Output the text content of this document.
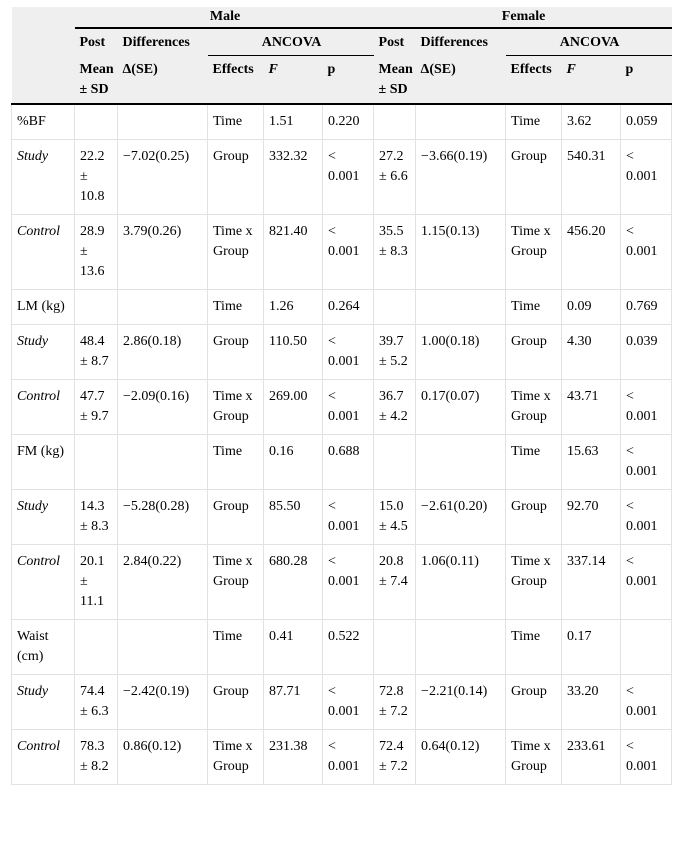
	Male					Female				
	Post	Differences	ANCOVA			Post	Differences	ANCOVA		
	Mean ± SD	Δ(SE)	Effects	F	p	Mean ± SD	Δ(SE)	Effects	F	p
%BF			Time	1.51	0.220			Time	3.62	0.059
Study	22.2 ± 10.8	−7.02(0.25)	Group	332.32	< 0.001	27.2 ± 6.6	−3.66(0.19)	Group	540.31	< 0.001
Control	28.9 ± 13.6	3.79(0.26)	Time x Group	821.40	< 0.001	35.5 ± 8.3	1.15(0.13)	Time x Group	456.20	< 0.001
LM (kg)			Time	1.26	0.264			Time	0.09	0.769
Study	48.4 ± 8.7	2.86(0.18)	Group	110.50	< 0.001	39.7 ± 5.2	1.00(0.18)	Group	4.30	0.039
Control	47.7 ± 9.7	−2.09(0.16)	Time x Group	269.00	< 0.001	36.7 ± 4.2	0.17(0.07)	Time x Group	43.71	< 0.001
FM (kg)			Time	0.16	0.688			Time	15.63	< 0.001
Study	14.3 ± 8.3	−5.28(0.28)	Group	85.50	< 0.001	15.0 ± 4.5	−2.61(0.20)	Group	92.70	< 0.001
Control	20.1 ± 11.1	2.84(0.22)	Time x Group	680.28	< 0.001	20.8 ± 7.4	1.06(0.11)	Time x Group	337.14	< 0.001
Waist (cm)			Time	0.41	0.522			Time	0.17	
Study	74.4 ± 6.3	−2.42(0.19)	Group	87.71	< 0.001	72.8 ± 7.2	−2.21(0.14)	Group	33.20	< 0.001
Control	78.3 ± 8.2	0.86(0.12)	Time x Group	231.38	< 0.001	72.4 ± 7.2	0.64(0.12)	Time x Group	233.61	< 0.001
